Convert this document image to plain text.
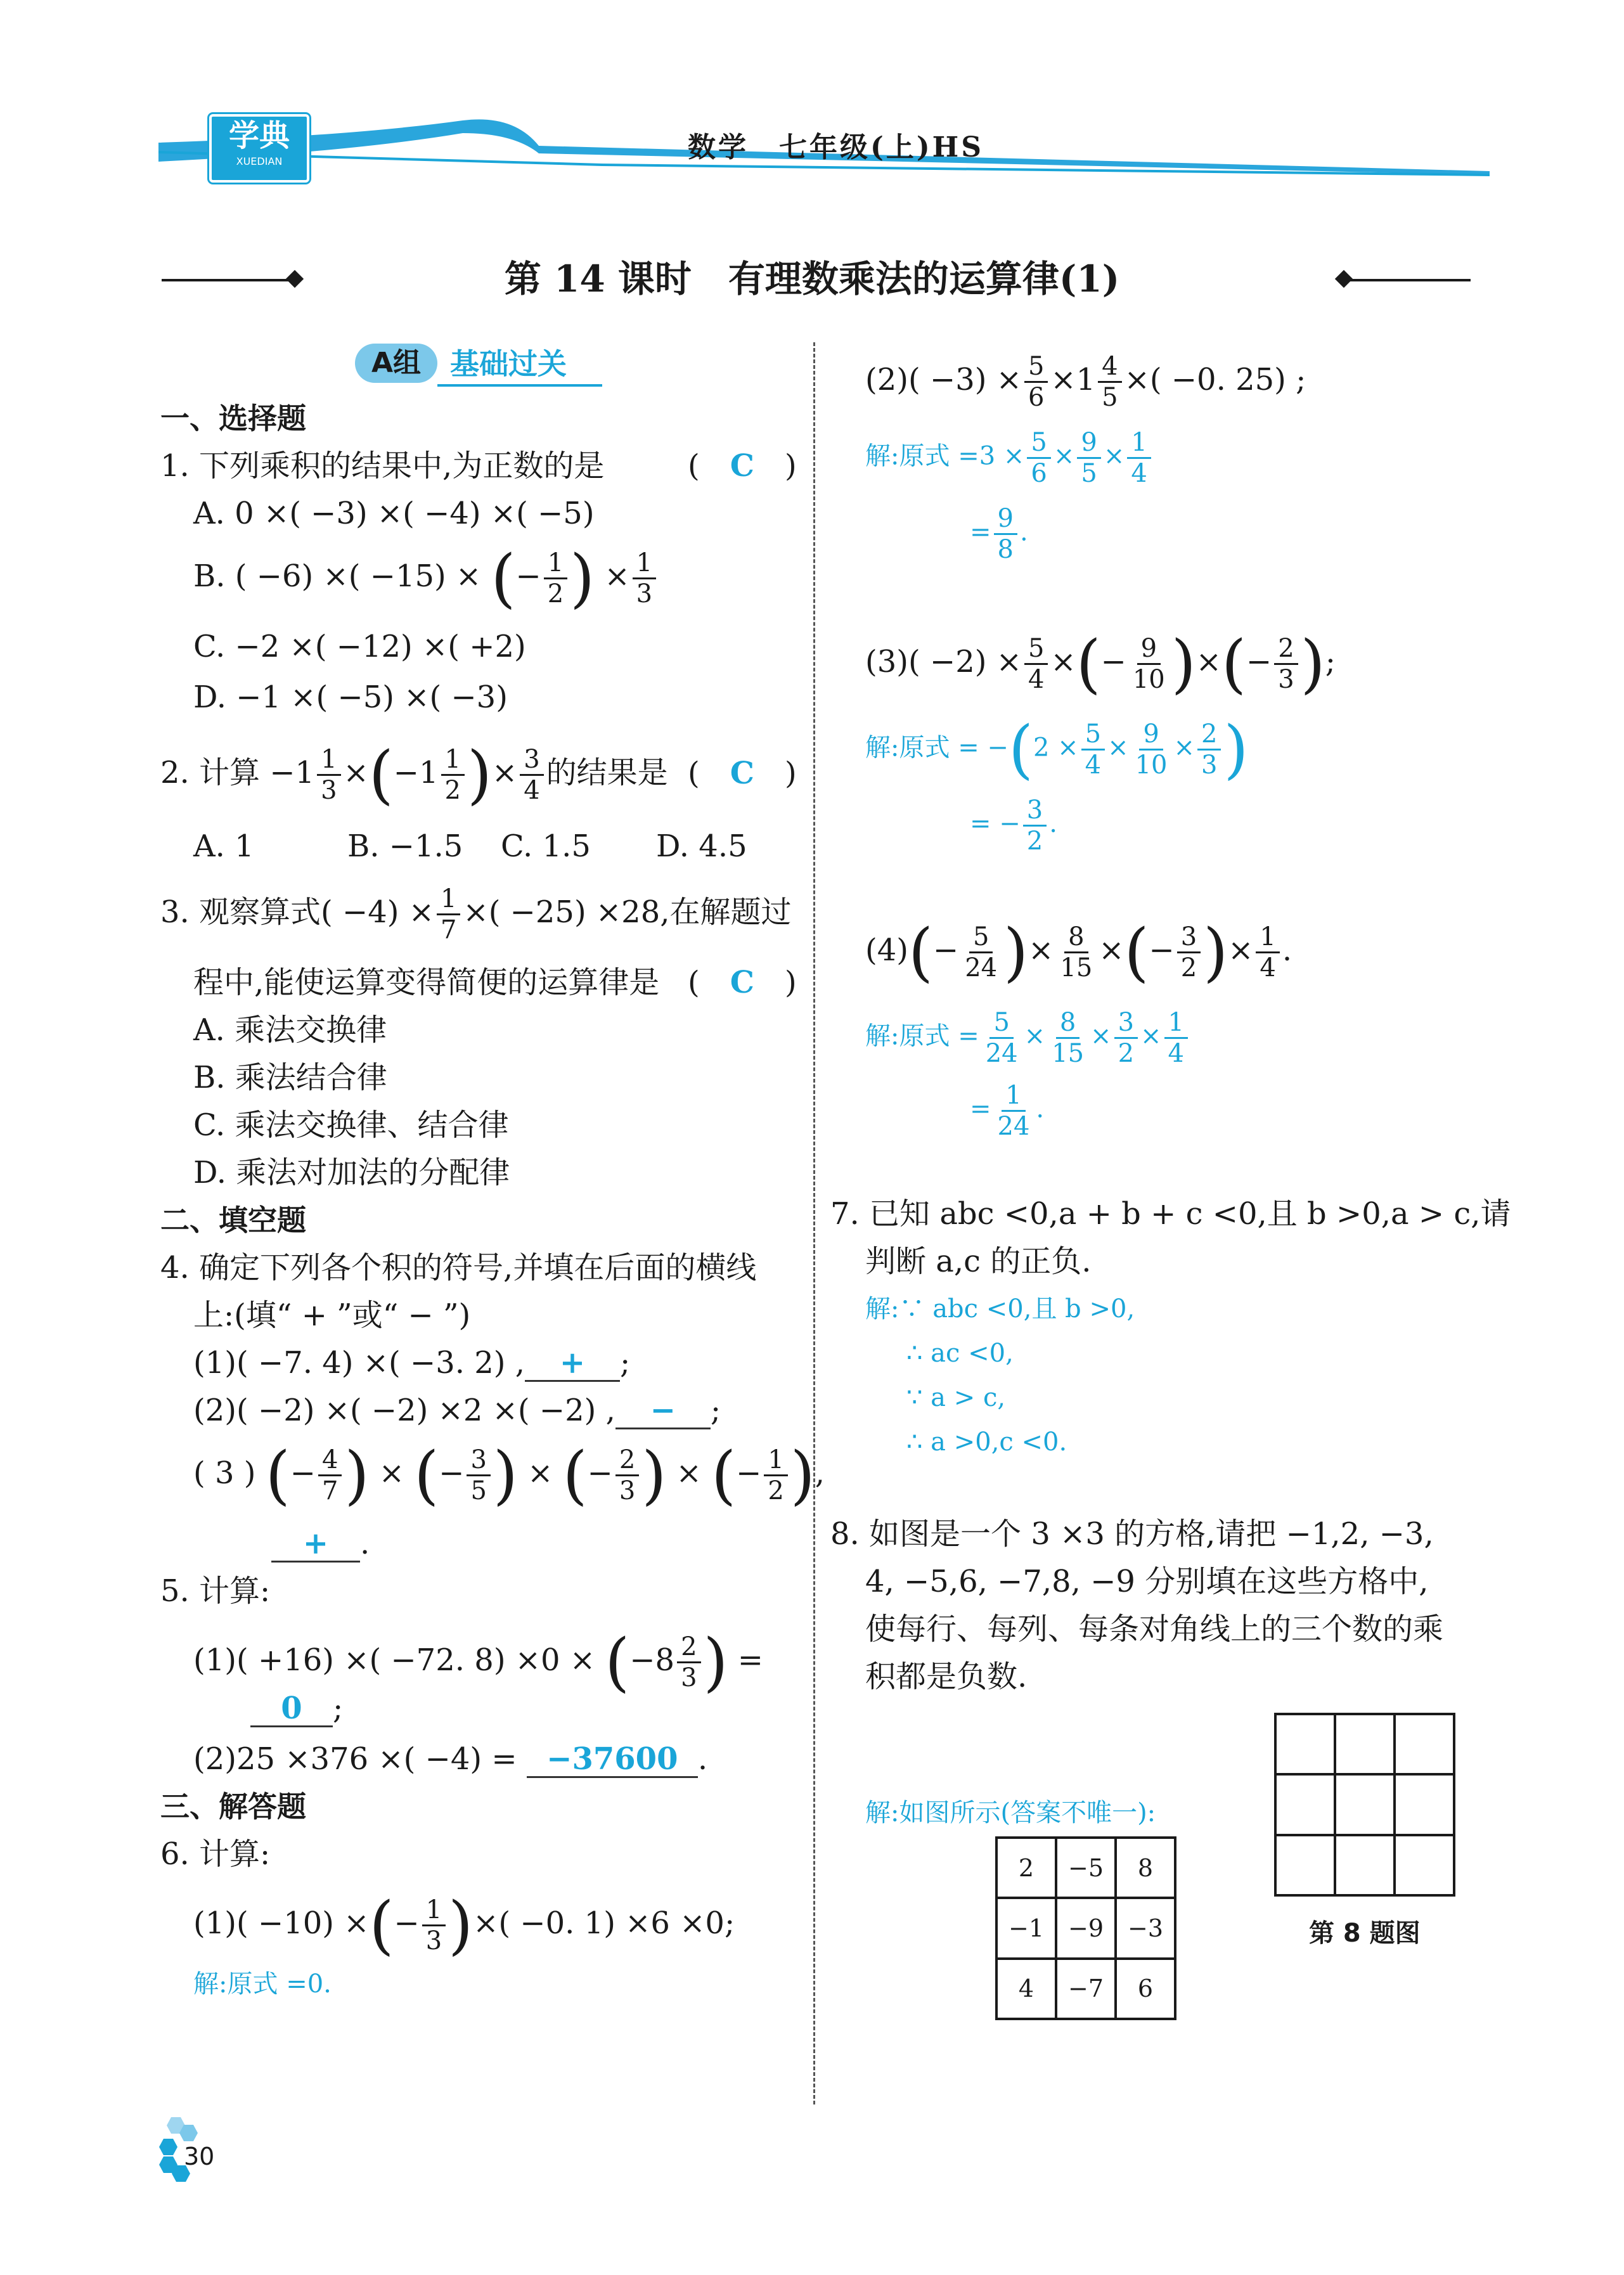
学典
XUEDIAN	数学　七年级(上)HS
第 14 课时　有理数乘法的运算律(1)
A组 基础过关
一、选择题
1. 下列乘积的结果中,为正数的是	(　C　)
A. 0 ×( −3) ×( −4) ×( −5)
B. ( −6) ×( −15) × (− $\frac{1}{2}$ ) × $\frac{1}{3}$
C. −2 ×( −12) ×( +2)
D. −1 ×( −5) ×( −3)
2. 计算 $-1 \frac{1}{3} \times(-1 \frac{1}{2}$ )× $\frac{3}{4}$ 的结果是 (　C　)
A. 1	B. −1.5 C. 1.5 D. 4.5
3. 观察算式( $-4) \times \frac{1}{7}$ ×( −25) ×28,在解题过
程中,能使运算变得简便的运算律是 (　C　)
A. 乘法交换律
B. 乘法结合律
C. 乘法交换律、结合律
D. 乘法对加法的分配律
二、填空题
4. 确定下列各个积的符号,并填在后面的横线
上:(填“ + ”或“ − ”)
(1)( −7. 4) ×( −3. 2) , + ;
(2)( −2) ×( −2) ×2 ×( −2) , − ;
( 3 ) (− $\frac{4}{7}$ ) × (− $\frac{3}{5}$ ) × (− $\frac{2}{3}$ ) × (− $\frac{1}{2}$ ),
+ .
5. 计算:
(1)( +16) ×( −72. $8) \times 0 \times (-8 \frac{2}{3}$ ) =
0 ;
(2)25 ×376 ×( −4) = −37600 .
三、解答题
6. 计算:
(1)( −10) ×(− $\frac{1}{3}$ )×( −0. 1) ×6 ×0;
解:原式 =0.
$(2)( -3) \times \frac{5}{6} \times 1 \frac{4}{5}$ ×( −0. 25) ;
解:原式 $=3 \times \frac{5}{6} \times \frac{9}{5} \times \frac{1}{4}$
= $\frac{9}{8}$ .
$(3)( -2) \times \frac{5}{4}$ ×(− $\frac{9}{10}$ )×(− $\frac{2}{3}$ );
解:原式 = $-(2 \times \frac{5}{4} \times \frac{9}{10} \times \frac{2}{3}$ )
= − $\frac{3}{2}$ .
$(4)(- \frac{5}{24}$ )× $\frac{8}{15}$ ×(− $\frac{3}{2}$ )× $\frac{1}{4}$ .
解:原式 = $\frac{5}{24} \times \frac{8}{15} \times \frac{3}{2} \times \frac{1}{4}$
= $\frac{1}{24}$ .
7. 已知 abc <0,a + b + c <0,且 b >0,a > c,请
判断 a,c 的正负.
解:∵ abc <0,且 b >0,
∴ ac <0,
∵ a > c,
∴ a >0,c <0.
8. 如图是一个 3 ×3 的方格,请把 −1,2, −3,
4, −5,6, −7,8, −9 分别填在这些方格中,
使每行、每列、每条对角线上的三个数的乘
积都是负数.

第 8 题图
解:如图所示(答案不唯一):
2	−5	8
−1	−9	−3
4	−7	6
30
